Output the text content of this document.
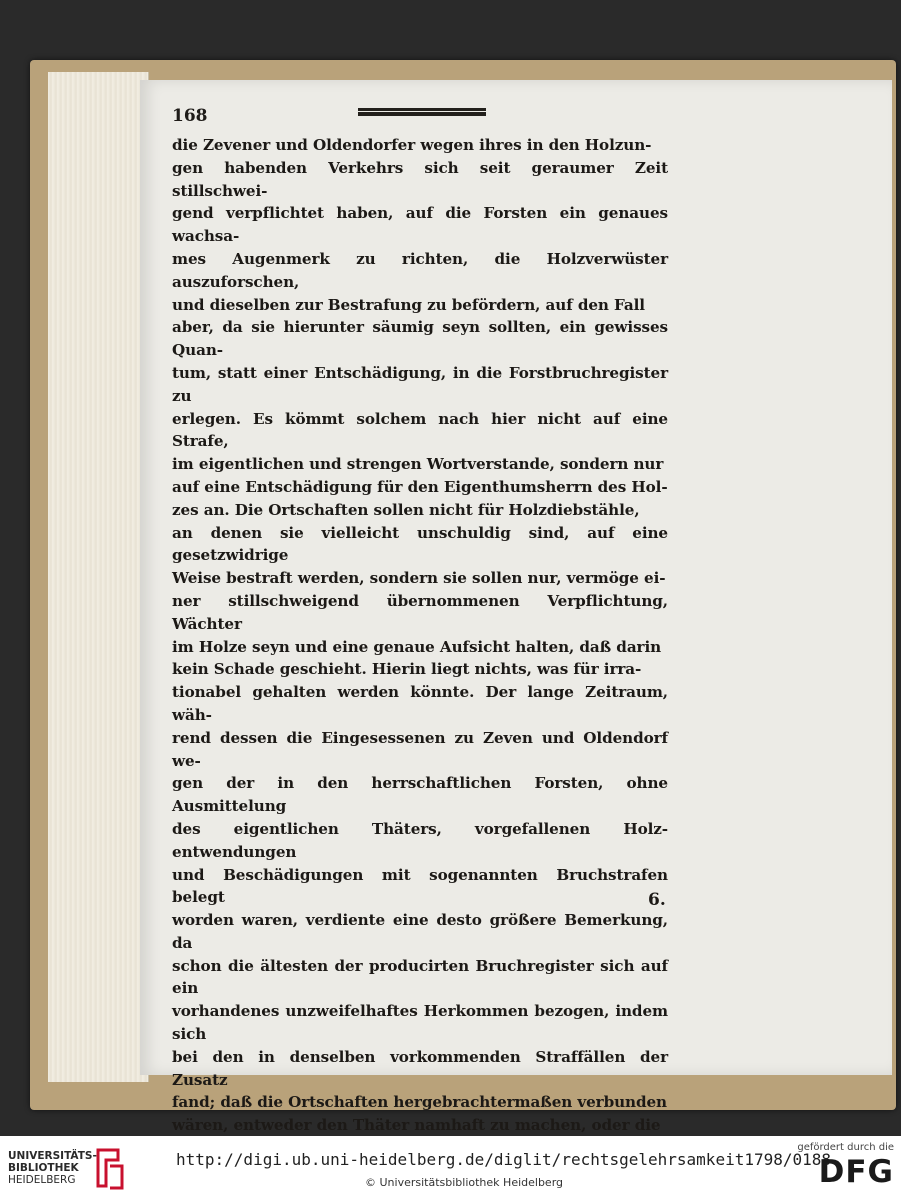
168

die Zevener und Oldendorfer wegen ihres in den Holzun-

gen habenden Verkehrs sich seit geraumer Zeit stillschwei-

gend verpflichtet haben, auf die Forsten ein genaues wachsa-

mes Augenmerk zu richten, die Holzverwüster auszuforschen,

und dieselben zur Bestrafung zu befördern, auf den Fall

aber, da sie hierunter säumig seyn sollten, ein gewisses Quan-

tum, statt einer Entschädigung, in die Forstbruchregister zu

erlegen. Es kömmt solchem nach hier nicht auf eine Strafe,

im eigentlichen und strengen Wortverstande, sondern nur

auf eine Entschädigung für den Eigenthumsherrn des Hol-

zes an. Die Ortschaften sollen nicht für Holzdiebstähle,

an denen sie vielleicht unschuldig sind, auf eine gesetzwidrige

Weise bestraft werden, sondern sie sollen nur, vermöge ei-

ner stillschweigend übernommenen Verpflichtung, Wächter

im Holze seyn und eine genaue Aufsicht halten, daß darin

kein Schade geschieht. Hierin liegt nichts, was für irra-

tionabel gehalten werden könnte. Der lange Zeitraum, wäh-

rend dessen die Eingesessenen zu Zeven und Oldendorf we-

gen der in den herrschaftlichen Forsten, ohne Ausmittelung

des eigentlichen Thäters, vorgefallenen Holz-entwendungen

und Beschädigungen mit sogenannten Bruchstrafen belegt

worden waren, verdiente eine desto größere Bemerkung, da

schon die ältesten der producirten Bruchregister sich auf ein

vorhandenes unzweifelhaftes Herkommen bezogen, indem sich

bei den in denselben vorkommenden Straffällen der Zusatz

fand; daß die Ortschaften hergebrachtermaßen verbunden

wären, entweder den Thäter namhaft zu machen, oder die

6.
UNIVERSITÄTS-
BIBLIOTHEK
HEIDELBERG
http://digi.ub.uni-heidelberg.de/diglit/rechtsgelehrsamkeit1798/0188
© Universitätsbibliothek Heidelberg
gefördert durch die
DFG
